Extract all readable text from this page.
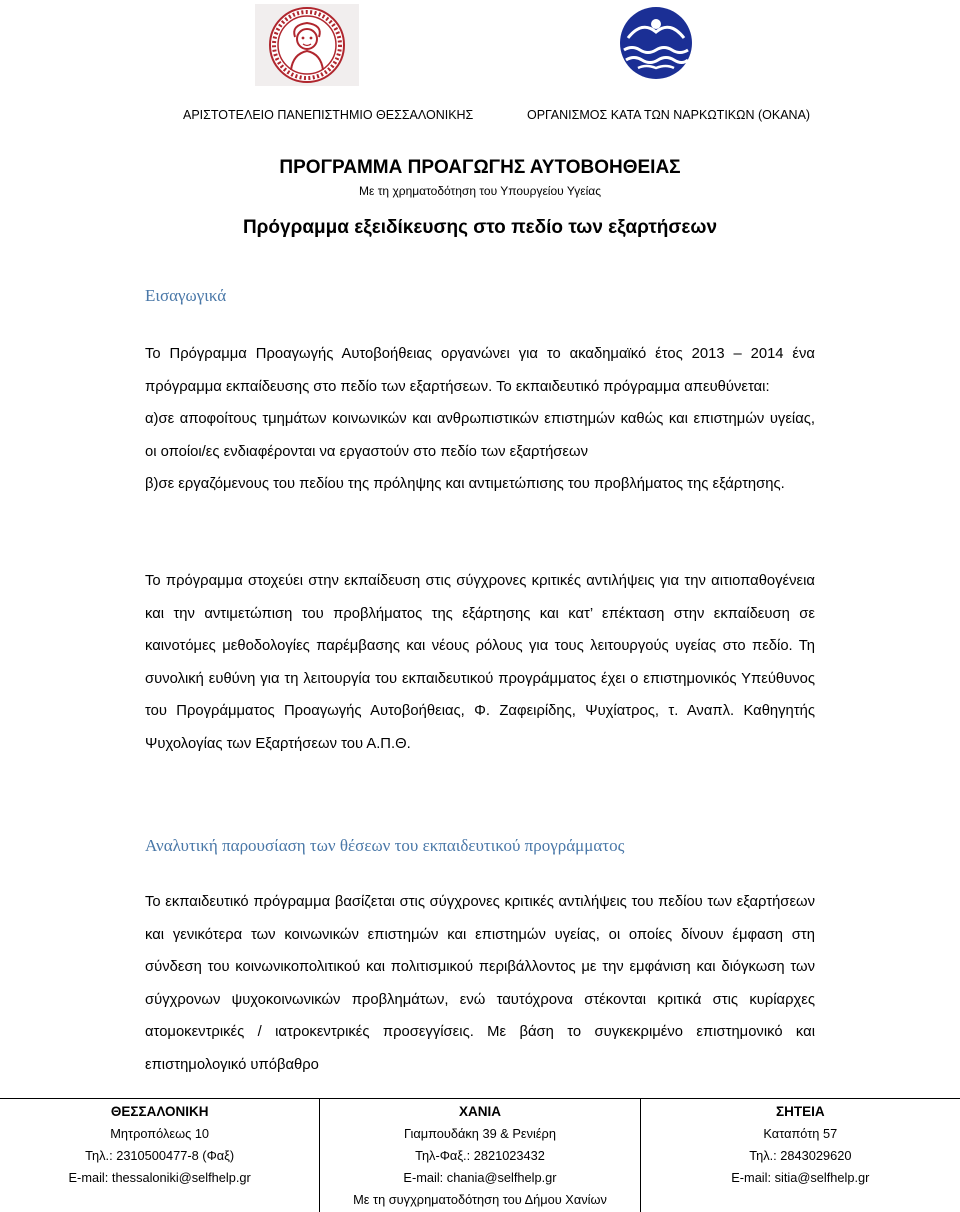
ΑΡΙΣΤΟΤΕΛΕΙΟ ΠΑΝΕΠΙΣΤΗΜΙΟ ΘΕΣΣΑΛΟΝΙΚΗΣ	ΟΡΓΑΝΙΣΜΟΣ ΚΑΤΑ ΤΩΝ ΝΑΡΚΩΤΙΚΩΝ (ΟΚΑΝΑ)
ΠΡΟΓΡΑΜΜΑ ΠΡΟΑΓΩΓΗΣ ΑΥΤΟΒΟΗΘΕΙΑΣ
Με τη χρηματοδότηση του Υπουργείου Υγείας
Πρόγραμμα εξειδίκευσης στο πεδίο των εξαρτήσεων
Εισαγωγικά

Το Πρόγραμμα Προαγωγής Αυτοβοήθειας οργανώνει για το ακαδημαϊκό έτος 2013 – 2014 ένα πρόγραμμα εκπαίδευσης στο πεδίο των εξαρτήσεων. Το εκπαιδευτικό πρόγραμμα απευθύνεται:

α)σε αποφοίτους τμημάτων κοινωνικών και ανθρωπιστικών επιστημών καθώς και επιστημών υγείας, οι οποίοι/ες ενδιαφέρονται να εργαστούν στο πεδίο των εξαρτήσεων

β)σε εργαζόμενους του πεδίου της πρόληψης και αντιμετώπισης του προβλήματος της εξάρτησης.

Το πρόγραμμα στοχεύει στην εκπαίδευση στις σύγχρονες κριτικές αντιλήψεις για την αιτιοπαθογένεια και την αντιμετώπιση του προβλήματος της εξάρτησης και κατ’ επέκταση στην εκπαίδευση σε καινοτόμες μεθοδολογίες παρέμβασης και νέους ρόλους για τους λειτουργούς υγείας στο πεδίο. Τη συνολική ευθύνη για τη λειτουργία του εκπαιδευτικού προγράμματος έχει ο επιστημονικός Υπεύθυνος του Προγράμματος Προαγωγής Αυτοβοήθειας, Φ. Ζαφειρίδης, Ψυχίατρος, τ. Αναπλ. Καθηγητής Ψυχολογίας των Εξαρτήσεων του Α.Π.Θ.

Αναλυτική παρουσίαση των θέσεων του εκπαιδευτικού προγράμματος

Το εκπαιδευτικό πρόγραμμα βασίζεται στις σύγχρονες κριτικές αντιλήψεις του πεδίου των εξαρτήσεων και γενικότερα των κοινωνικών επιστημών και επιστημών υγείας, οι οποίες δίνουν έμφαση στη σύνδεση του κοινωνικοπολιτικού και πολιτισμικού περιβάλλοντος με την εμφάνιση και διόγκωση των σύγχρονων ψυχοκοινωνικών προβλημάτων, ενώ ταυτόχρονα στέκονται κριτικά στις κυρίαρχες ατομοκεντρικές / ιατροκεντρικές προσεγγίσεις. Με βάση το συγκεκριμένο επιστημονικό και επιστημολογικό υπόβαθρο

ΘΕΣΣΑΛΟΝΙΚΗ
Μητροπόλεως 10
Τηλ.: 2310500477-8 (Φαξ)
E-mail: thessaloniki@selfhelp.gr
ΧΑΝΙΑ
Γιαμπουδάκη 39 & Ρενιέρη
Τηλ-Φαξ.: 2821023432
E-mail: chania@selfhelp.gr
Με τη συγχρηματοδότηση του Δήμου Χανίων
ΣΗΤΕΙΑ
Καταπότη 57
Τηλ.: 2843029620
E-mail: sitia@selfhelp.gr
